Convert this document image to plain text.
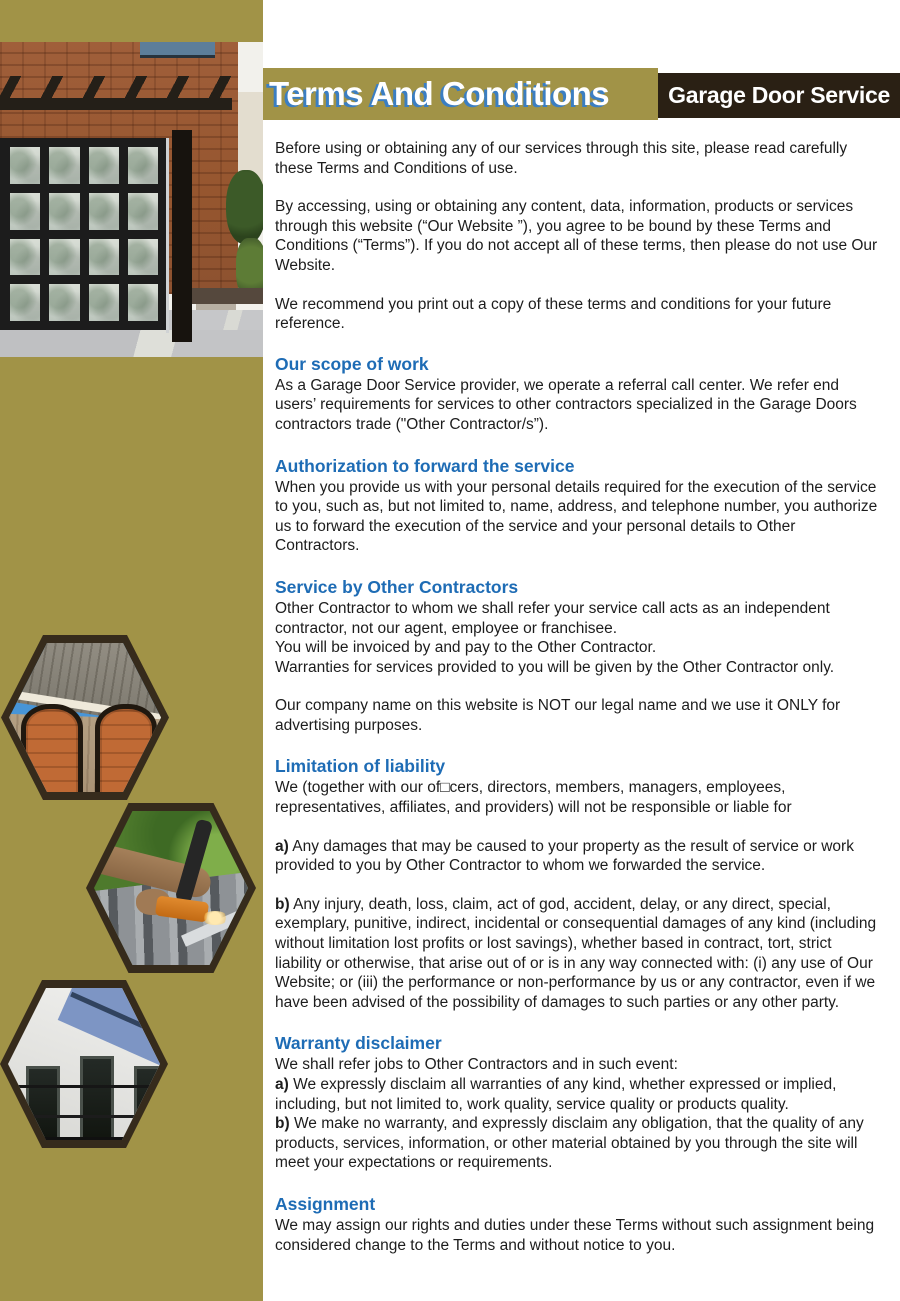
Terms And Conditions	Garage Door Service

Before using or obtaining any of our services through this site, please read carefully these Terms and Conditions of use.

By accessing, using or obtaining any content, data, information, products or services through this website (“Our Website ”), you agree to be bound by these Terms and Conditions (“Terms”). If you do not accept all of these terms, then please do not use Our Website.

We recommend you print out a copy of these terms and conditions for your future reference.

Our scope of work

As a Garage Door Service provider, we operate a referral call center. We refer end users’ requirements for services to other contractors specialized in the Garage Doors contractors trade ("Other Contractor/s”).

Authorization to forward the service

When you provide us with your personal details required for the execution of the service to you, such as, but not limited to, name, address, and telephone number, you authorize us to forward the execution of the service and your personal details to Other Contractors.

Service by Other Contractors

Other Contractor to whom we shall refer your service call acts as an independent contractor, not our agent, employee or franchisee.

You will be invoiced by and pay to the Other Contractor.

Warranties for services provided to you will be given by the Other Contractor only.

Our company name on this website is NOT our legal name and we use it ONLY for advertising purposes.

Limitation of liability

We (together with our of□cers, directors, members, managers, employees, representatives, affiliates, and providers) will not be responsible or liable for

a) Any damages that may be caused to your property as the result of service or work provided to you by Other Contractor to whom we forwarded the service.

b) Any injury, death, loss, claim, act of god, accident, delay, or any direct, special, exemplary, punitive, indirect, incidental or consequential damages of any kind (including without limitation lost profits or lost savings), whether based in contract, tort, strict liability or otherwise, that arise out of or is in any way connected with: (i) any use of Our Website; or (iii) the performance or non-performance by us or any contractor, even if we have been advised of the possibility of damages to such parties or any other party.

Warranty disclaimer

We shall refer jobs to Other Contractors and in such event:

a) We expressly disclaim all warranties of any kind, whether expressed or implied, including, but not limited to, work quality, service quality or products quality.

b) We make no warranty, and expressly disclaim any obligation, that the quality of any products, services, information, or other material obtained by you through the site will meet your expectations or requirements.

Assignment

We may assign our rights and duties under these Terms without such assignment being considered change to the Terms and without notice to you.
